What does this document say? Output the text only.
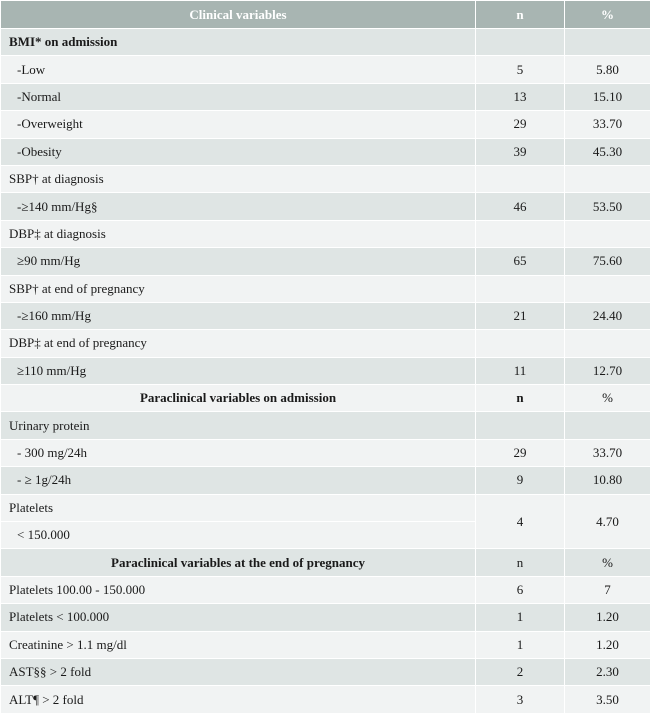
Clinical variables	n	%
BMI* on admission		
-Low	5	5.80
-Normal	13	15.10
-Overweight	29	33.70
-Obesity	39	45.30
SBP† at diagnosis		
-≥140 mm/Hg§	46	53.50
DBP‡ at diagnosis		
≥90 mm/Hg	65	75.60
SBP† at end of pregnancy		
-≥160 mm/Hg	21	24.40
DBP‡ at end of pregnancy		
≥110 mm/Hg	11	12.70
Paraclinical variables on admission	n	%
Urinary protein		
- 300 mg/24h	29	33.70
- ≥ 1g/24h	9	10.80
Platelets	4	4.70
< 150.000		
Paraclinical variables at the end of pregnancy	n	%
Platelets 100.00 - 150.000	6	7
Platelets < 100.000	1	1.20
Creatinine > 1.1 mg/dl	1	1.20
AST§§ > 2 fold	2	2.30
ALT¶ > 2 fold	3	3.50
